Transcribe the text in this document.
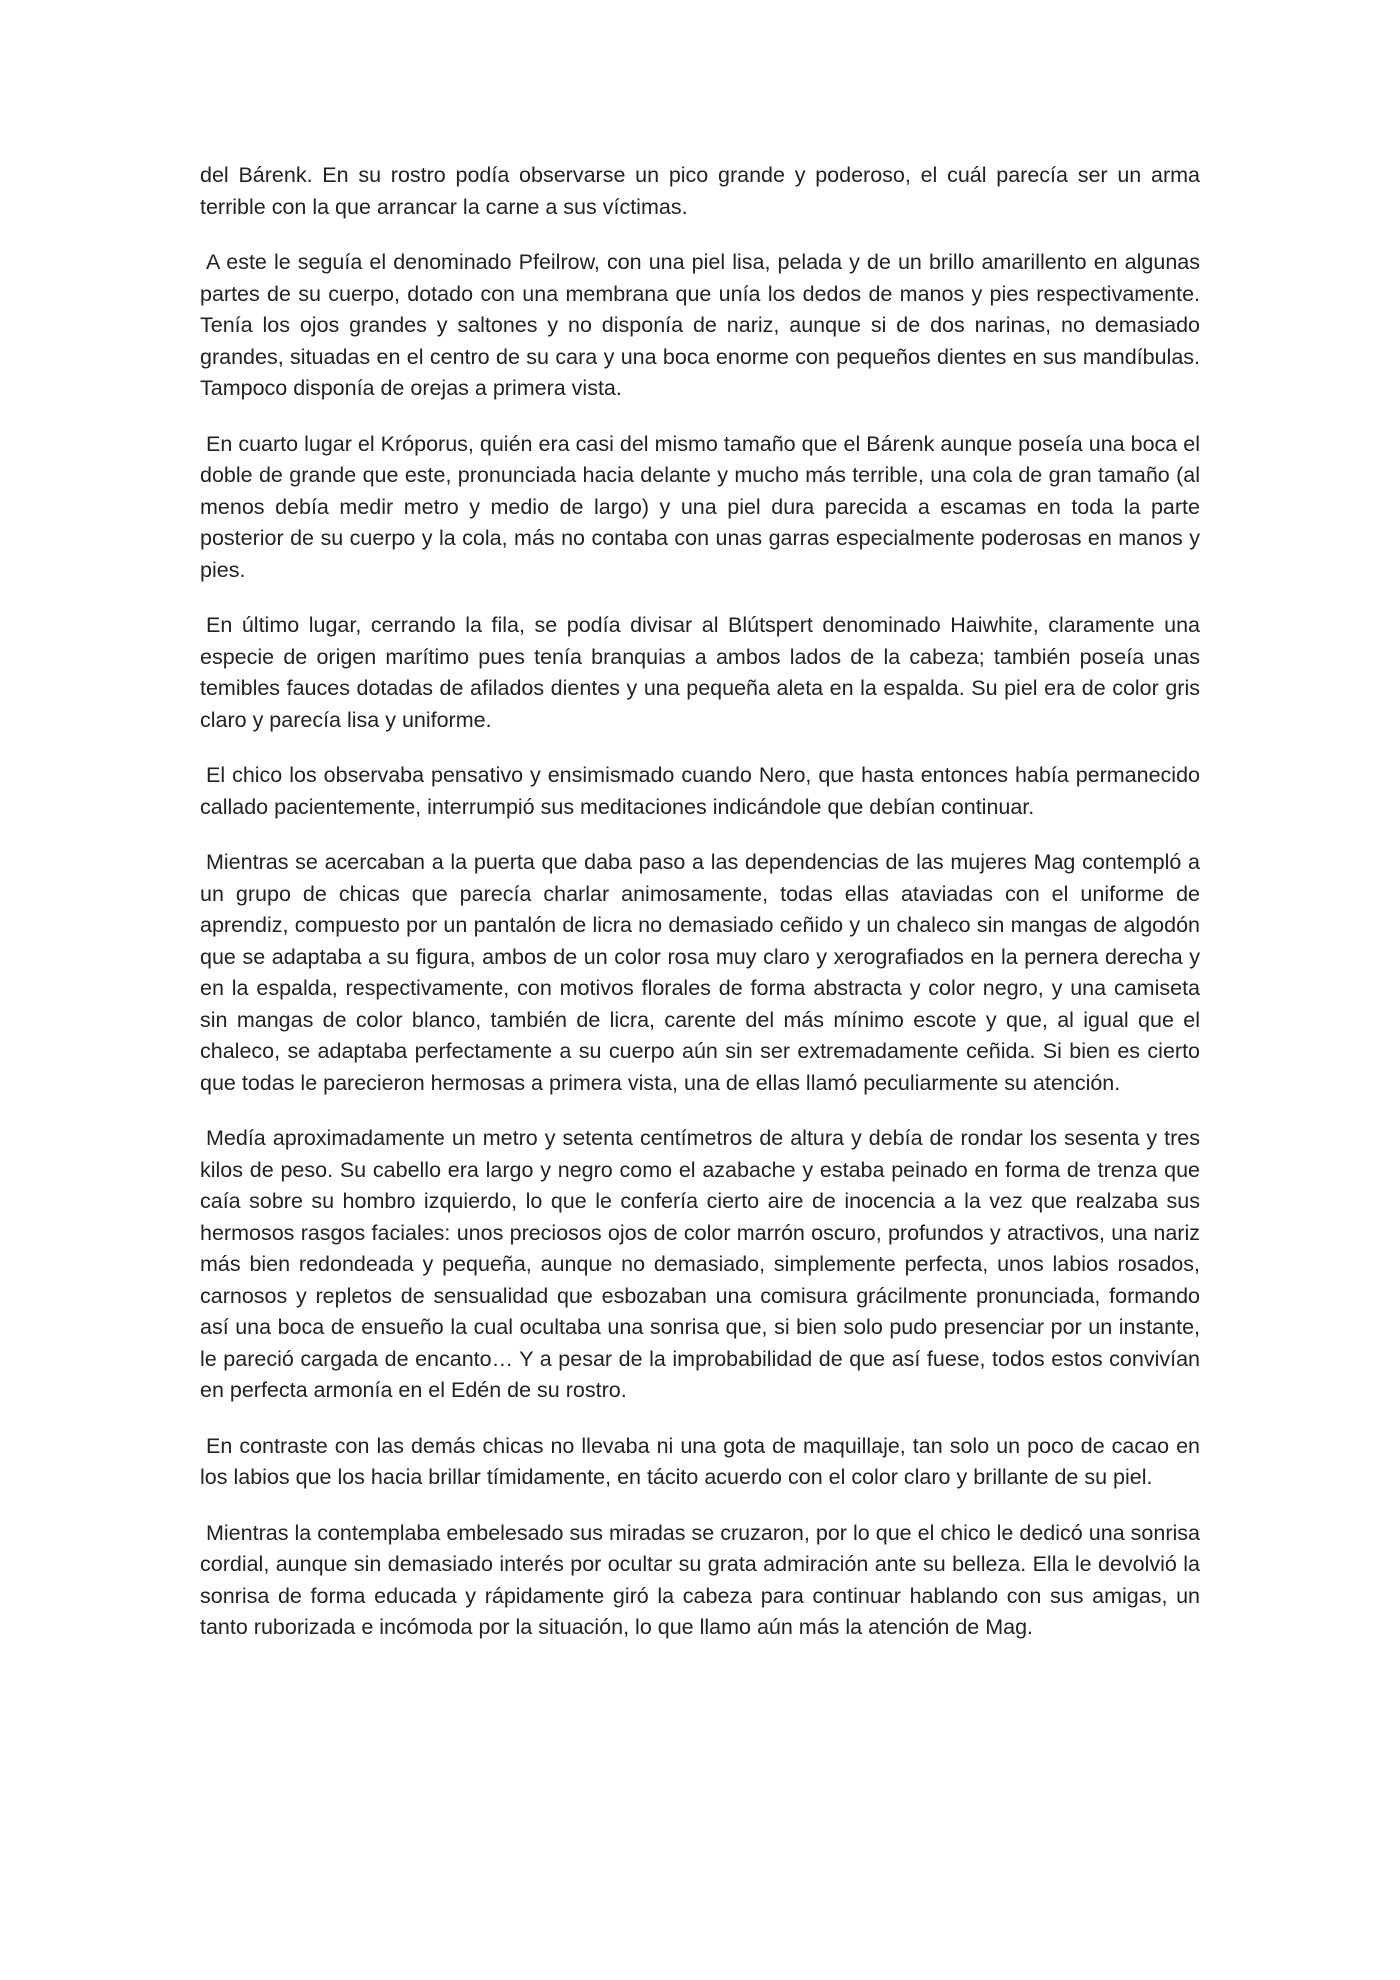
del Bárenk. En su rostro podía observarse un pico grande y poderoso, el cuál parecía ser un arma terrible con la que arrancar la carne a sus víctimas.

A este le seguía el denominado Pfeilrow, con una piel lisa, pelada y de un brillo amarillento en algunas partes de su cuerpo, dotado con una membrana que unía los dedos de manos y pies respectivamente. Tenía los ojos grandes y saltones y no disponía de nariz, aunque si de dos narinas, no demasiado grandes, situadas en el centro de su cara y una boca enorme con pequeños dientes en sus mandíbulas. Tampoco disponía de orejas a primera vista.

En cuarto lugar el Króporus, quién era casi del mismo tamaño que el Bárenk aunque poseía una boca el doble de grande que este, pronunciada hacia delante y mucho más terrible, una cola de gran tamaño (al menos debía medir metro y medio de largo) y una piel dura parecida a escamas en toda la parte posterior de su cuerpo y la cola, más no contaba con unas garras especialmente poderosas en manos y pies.

En último lugar, cerrando la fila, se podía divisar al Blútspert denominado Haiwhite, claramente una especie de origen marítimo pues tenía branquias a ambos lados de la cabeza; también poseía unas temibles fauces dotadas de afilados dientes y una pequeña aleta en la espalda. Su piel era de color gris claro y parecía lisa y uniforme.

El chico los observaba pensativo y ensimismado cuando Nero, que hasta entonces había permanecido callado pacientemente, interrumpió sus meditaciones indicándole que debían continuar.

Mientras se acercaban a la puerta que daba paso a las dependencias de las mujeres Mag contempló a un grupo de chicas que parecía charlar animosamente, todas ellas ataviadas con el uniforme de aprendiz, compuesto por un pantalón de licra no demasiado ceñido y un chaleco sin mangas de algodón que se adaptaba a su figura, ambos de un color rosa muy claro y xerografiados en la pernera derecha y en la espalda, respectivamente, con motivos florales de forma abstracta y color negro, y una camiseta sin mangas de color blanco, también de licra, carente del más mínimo escote y que, al igual que el chaleco, se adaptaba perfectamente a su cuerpo aún sin ser extremadamente ceñida. Si bien es cierto que todas le parecieron hermosas a primera vista, una de ellas llamó peculiarmente su atención.

Medía aproximadamente un metro y setenta centímetros de altura y debía de rondar los sesenta y tres kilos de peso. Su cabello era largo y negro como el azabache y estaba peinado en forma de trenza que caía sobre su hombro izquierdo, lo que le confería cierto aire de inocencia a la vez que realzaba sus hermosos rasgos faciales: unos preciosos ojos de color marrón oscuro, profundos y atractivos, una nariz más bien redondeada y pequeña, aunque no demasiado, simplemente perfecta, unos labios rosados, carnosos y repletos de sensualidad que esbozaban una comisura grácilmente pronunciada, formando así una boca de ensueño la cual ocultaba una sonrisa que, si bien solo pudo presenciar por un instante, le pareció cargada de encanto… Y a pesar de la improbabilidad de que así fuese, todos estos convivían en perfecta armonía en el Edén de su rostro.

En contraste con las demás chicas no llevaba ni una gota de maquillaje, tan solo un poco de cacao en los labios que los hacia brillar tímidamente, en tácito acuerdo con el color claro y brillante de su piel.

Mientras la contemplaba embelesado sus miradas se cruzaron, por lo que el chico le dedicó una sonrisa cordial, aunque sin demasiado interés por ocultar su grata admiración ante su belleza. Ella le devolvió la sonrisa de forma educada y rápidamente giró la cabeza para continuar hablando con sus amigas, un tanto ruborizada e incómoda por la situación, lo que llamo aún más la atención de Mag.
